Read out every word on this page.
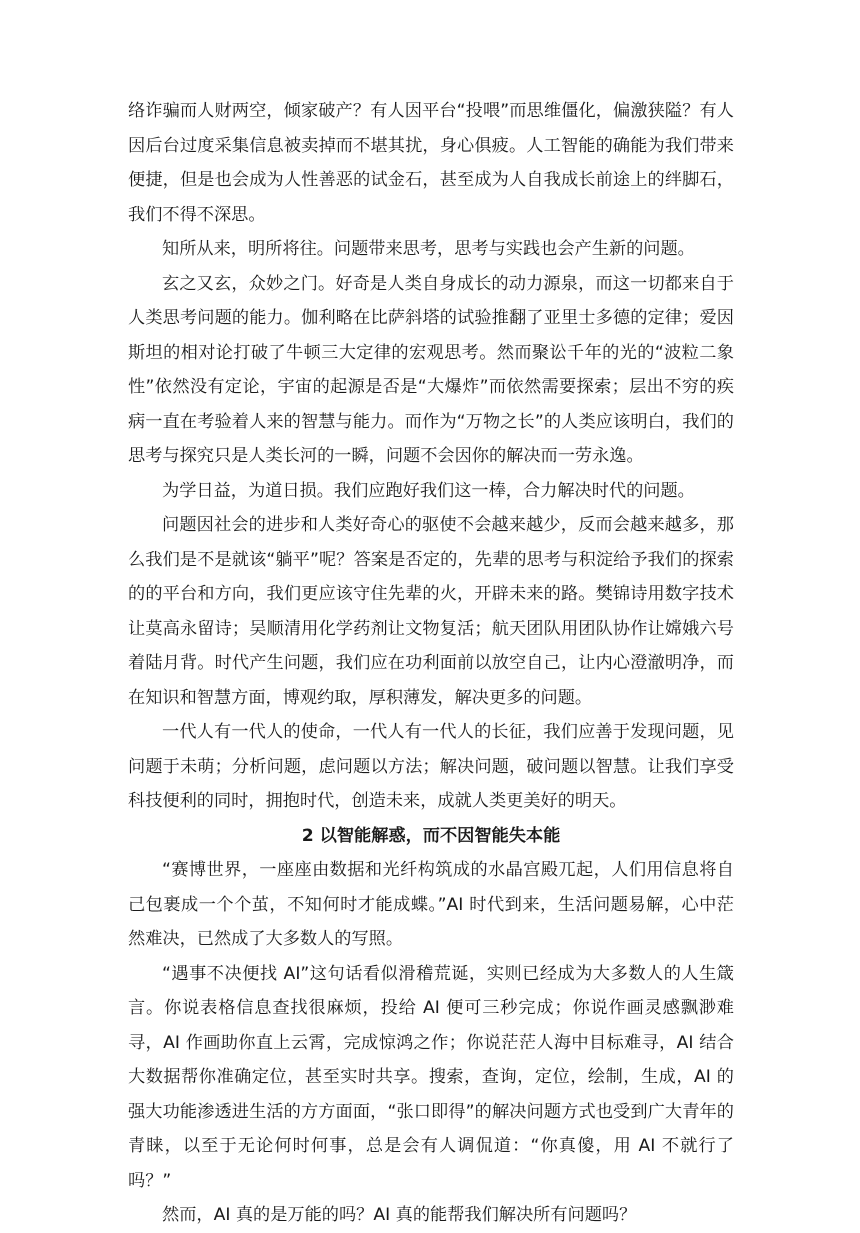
络诈骗而人财两空，倾家破产？有人因平台“投喂”而思维僵化，偏激狭隘？有人因后台过度采集信息被卖掉而不堪其扰，身心俱疲。人工智能的确能为我们带来便捷，但是也会成为人性善恶的试金石，甚至成为人自我成长前途上的绊脚石，我们不得不深思。

知所从来，明所将往。问题带来思考，思考与实践也会产生新的问题。

玄之又玄，众妙之门。好奇是人类自身成长的动力源泉，而这一切都来自于人类思考问题的能力。伽利略在比萨斜塔的试验推翻了亚里士多德的定律；爱因斯坦的相对论打破了牛顿三大定律的宏观思考。然而聚讼千年的光的“波粒二象性”依然没有定论，宇宙的起源是否是“大爆炸”而依然需要探索；层出不穷的疾病一直在考验着人来的智慧与能力。而作为“万物之长”的人类应该明白，我们的思考与探究只是人类长河的一瞬，问题不会因你的解决而一劳永逸。

为学日益，为道日损。我们应跑好我们这一棒，合力解决时代的问题。

问题因社会的进步和人类好奇心的驱使不会越来越少，反而会越来越多，那么我们是不是就该“躺平”呢？答案是否定的，先辈的思考与积淀给予我们的探索的的平台和方向，我们更应该守住先辈的火，开辟未来的路。樊锦诗用数字技术让莫高永留诗；吴顺清用化学药剂让文物复活；航天团队用团队协作让嫦娥六号着陆月背。时代产生问题，我们应在功利面前以放空自己，让内心澄澈明净，而在知识和智慧方面，博观约取，厚积薄发，解决更多的问题。

一代人有一代人的使命，一代人有一代人的长征，我们应善于发现问题，见问题于未萌；分析问题，虑问题以方法；解决问题，破问题以智慧。让我们享受科技便利的同时，拥抱时代，创造未来，成就人类更美好的明天。

2 以智能解惑，而不因智能失本能

“赛博世界，一座座由数据和光纤构筑成的水晶宫殿兀起，人们用信息将自己包裹成一个个茧，不知何时才能成蝶。”AI 时代到来，生活问题易解，心中茫然难决，已然成了大多数人的写照。

“遇事不决便找 AI”这句话看似滑稽荒诞，实则已经成为大多数人的人生箴言。你说表格信息查找很麻烦，投给 AI 便可三秒完成；你说作画灵感飘渺难寻，AI 作画助你直上云霄，完成惊鸿之作；你说茫茫人海中目标难寻，AI 结合大数据帮你准确定位，甚至实时共享。搜索，查询，定位，绘制，生成，AI 的强大功能渗透进生活的方方面面，“张口即得”的解决问题方式也受到广大青年的青睐，以至于无论何时何事，总是会有人调侃道：“你真傻，用 AI 不就行了吗？”

然而，AI 真的是万能的吗？AI 真的能帮我们解决所有问题吗？
